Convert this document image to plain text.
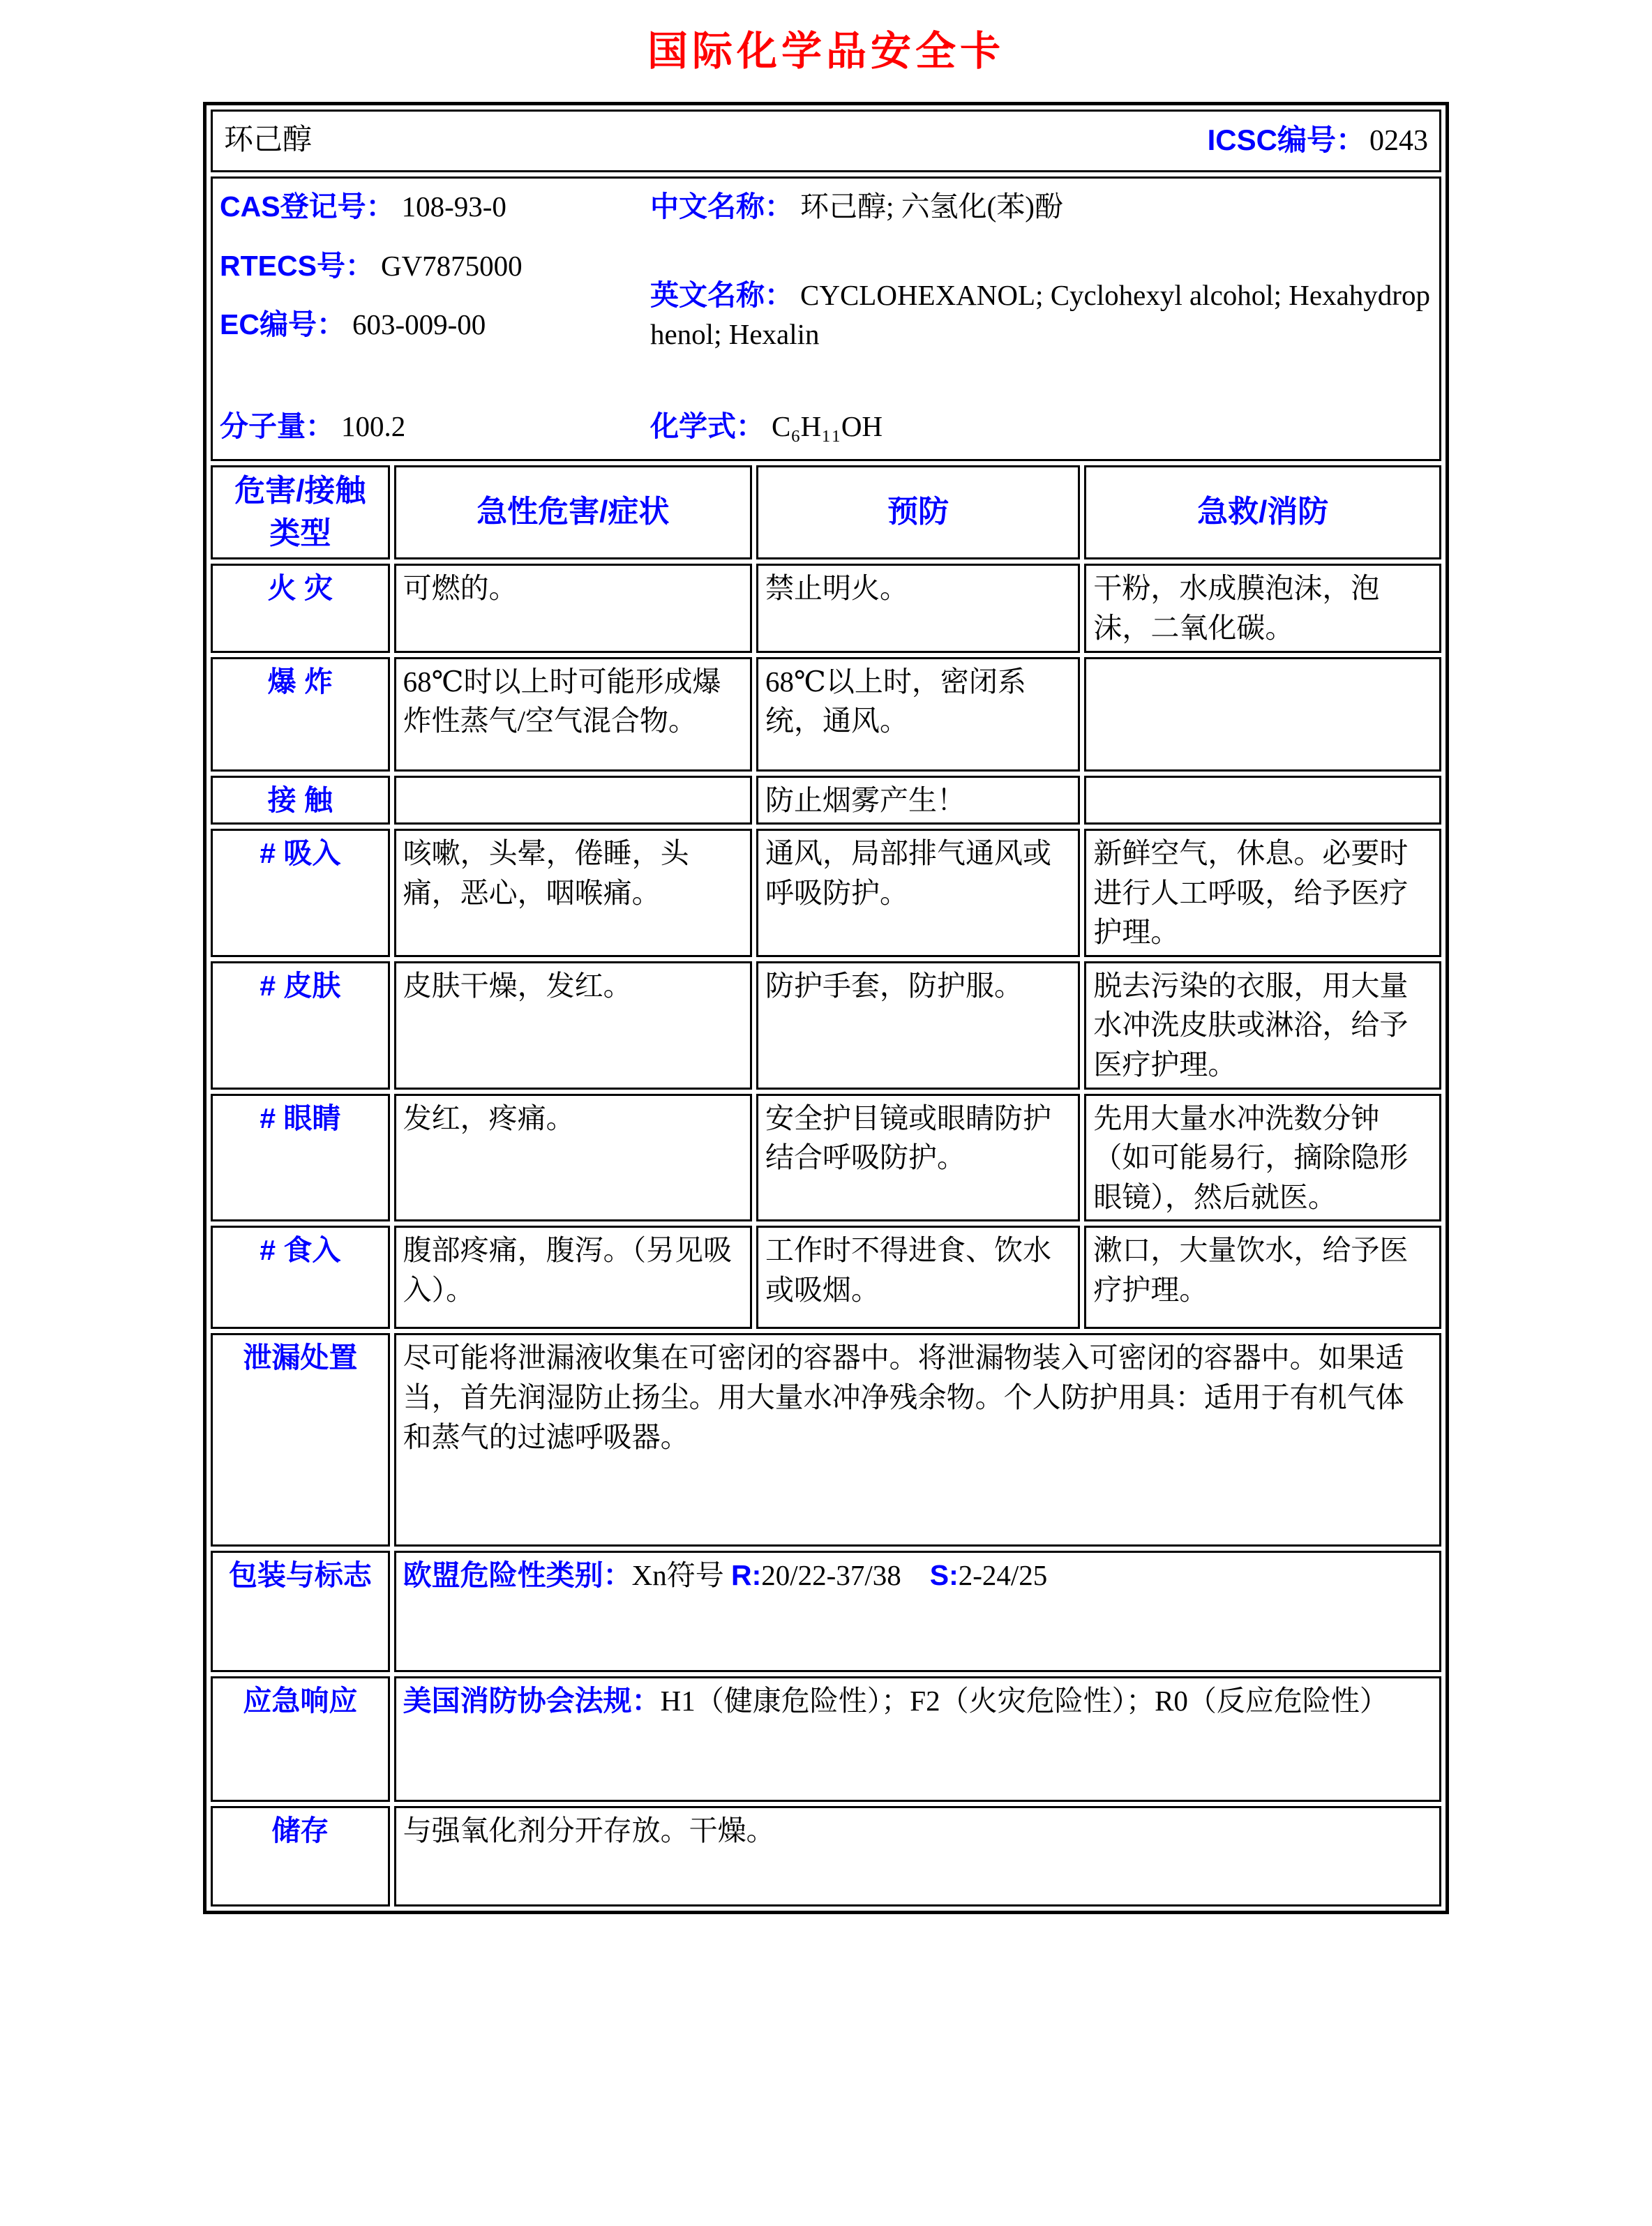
国际化学品安全卡
环己醇 ICSC编号： 0243			

CAS登记号： 108-93-0
RTECS号： GV7875000
EC编号： 603-009-00
分子量： 100.2
中文名称： 环己醇; 六氢化(苯)酚
英文名称： CYCLOHEXANOL; Cyclohexyl alcohol; Hexahydrophenol; Hexalin
化学式： C₆H₁₁OH

危害/接触
类型	急性危害/症状	预防	急救/消防
火 灾	可燃的。	禁止明火。	干粉，水成膜泡沫，泡沫，二氧化碳。
爆 炸	68℃时以上时可能形成爆炸性蒸气/空气混合物。	68℃以上时，密闭系统，通风。	
接 触		防止烟雾产生！	
# 吸入	咳嗽，头晕，倦睡，头痛，恶心，咽喉痛。	通风，局部排气通风或呼吸防护。	新鲜空气，休息。必要时进行人工呼吸，给予医疗护理。
# 皮肤	皮肤干燥，发红。	防护手套，防护服。	脱去污染的衣服，用大量水冲洗皮肤或淋浴，给予医疗护理。
# 眼睛	发红，疼痛。	安全护目镜或眼睛防护结合呼吸防护。	先用大量水冲洗数分钟（如可能易行，摘除隐形眼镜），然后就医。
# 食入	腹部疼痛，腹泻。（另见吸入）。	工作时不得进食、饮水或吸烟。	漱口，大量饮水，给予医疗护理。
泄漏处置	尽可能将泄漏液收集在可密闭的容器中。将泄漏物装入可密闭的容器中。如果适当，首先润湿防止扬尘。用大量水冲净残余物。个人防护用具：适用于有机气体和蒸气的过滤呼吸器。		
包装与标志	欧盟危险性类别：Xn符号 R:20/22-37/38    S:2-24/25		
应急响应	美国消防协会法规：H1（健康危险性）；F2（火灾危险性）；R0（反应危险性）		
储存	与强氧化剂分开存放。干燥。		
